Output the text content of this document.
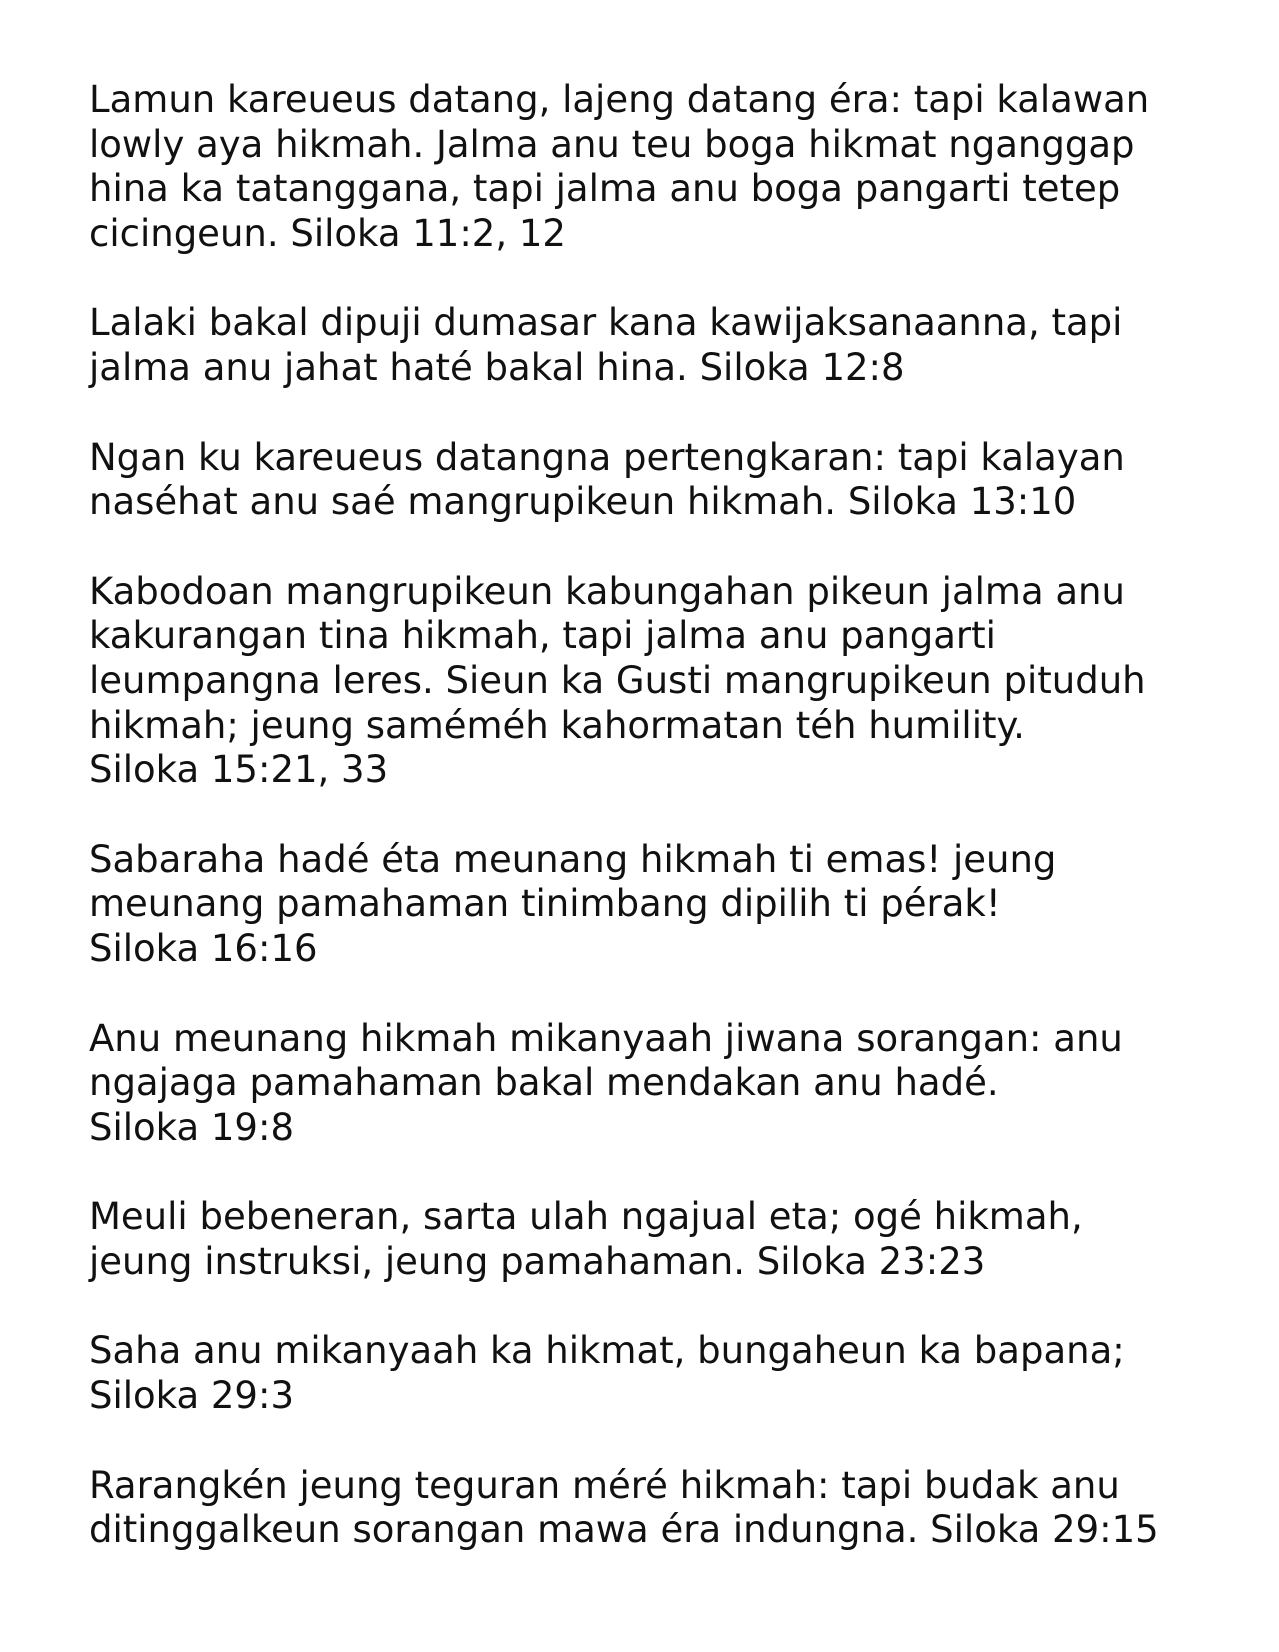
Lamun kareueus datang, lajeng datang éra: tapi kalawan
lowly aya hikmah. Jalma anu teu boga hikmat nganggap
hina ka tatanggana, tapi jalma anu boga pangarti tetep
cicingeun. Siloka 11:2, 12

Lalaki bakal dipuji dumasar kana kawijaksanaanna, tapi
jalma anu jahat haté bakal hina. Siloka 12:8

Ngan ku kareueus datangna pertengkaran: tapi kalayan
naséhat anu saé mangrupikeun hikmah. Siloka 13:10

Kabodoan mangrupikeun kabungahan pikeun jalma anu
kakurangan tina hikmah, tapi jalma anu pangarti
leumpangna leres. Sieun ka Gusti mangrupikeun pituduh
hikmah; jeung saméméh kahormatan téh humility.
Siloka 15:21, 33

Sabaraha hadé éta meunang hikmah ti emas! jeung
meunang pamahaman tinimbang dipilih ti pérak!
Siloka 16:16

Anu meunang hikmah mikanyaah jiwana sorangan: anu
ngajaga pamahaman bakal mendakan anu hadé.
Siloka 19:8

Meuli bebeneran, sarta ulah ngajual eta; ogé hikmah,
jeung instruksi, jeung pamahaman. Siloka 23:23

Saha anu mikanyaah ka hikmat, bungaheun ka bapana;
Siloka 29:3

Rarangkén jeung teguran méré hikmah: tapi budak anu
ditinggalkeun sorangan mawa éra indungna. Siloka 29:15
